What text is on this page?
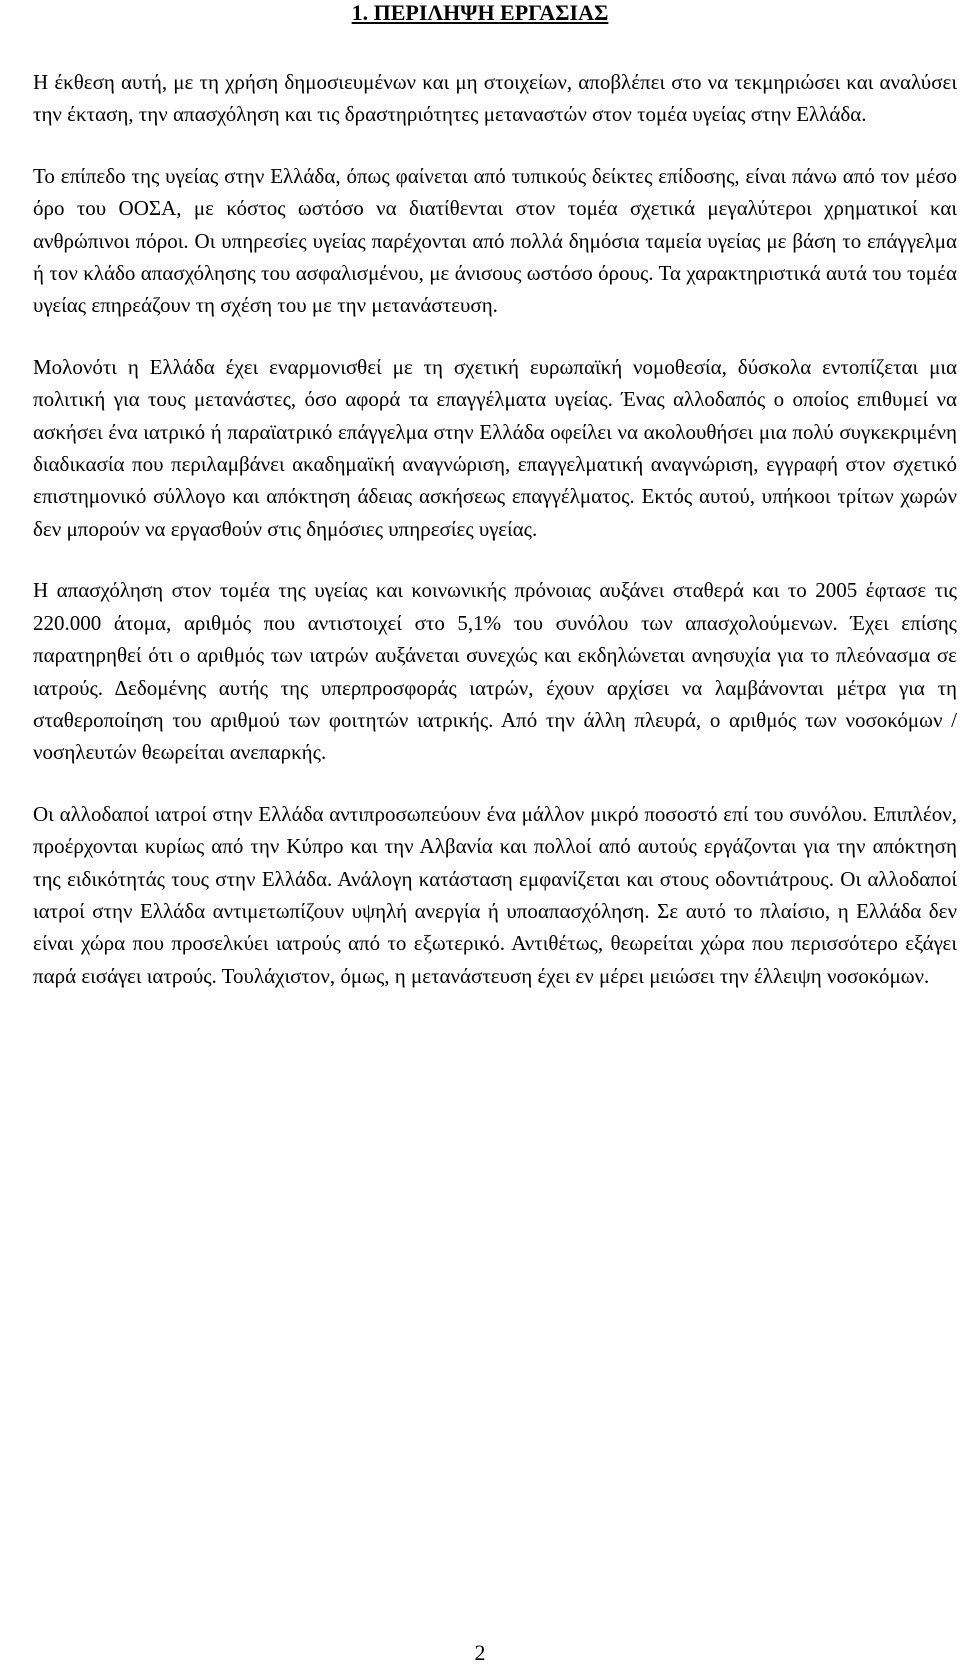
1. ΠΕΡΙΛΗΨΗ ΕΡΓΑΣΙΑΣ

Η έκθεση αυτή, με τη χρήση δημοσιευμένων και μη στοιχείων, αποβλέπει στο να τεκμηριώσει και αναλύσει την έκταση, την απασχόληση και τις δραστηριότητες μεταναστών στον τομέα υγείας στην Ελλάδα.

Το επίπεδο της υγείας στην Ελλάδα, όπως φαίνεται από τυπικούς δείκτες επίδοσης, είναι πάνω από τον μέσο όρο του ΟΟΣΑ, με κόστος ωστόσο να διατίθενται στον τομέα σχετικά μεγαλύτεροι χρηματικοί και ανθρώπινοι πόροι. Οι υπηρεσίες υγείας παρέχονται από πολλά δημόσια ταμεία υγείας με βάση το επάγγελμα ή τον κλάδο απασχόλησης του ασφαλισμένου, με άνισους ωστόσο όρους. Τα χαρακτηριστικά αυτά του τομέα υγείας επηρεάζουν τη σχέση του με την μετανάστευση.

Μολονότι η Ελλάδα έχει εναρμονισθεί με τη σχετική ευρωπαϊκή νομοθεσία, δύσκολα εντοπίζεται μια πολιτική για τους μετανάστες, όσο αφορά τα επαγγέλματα υγείας. Ένας αλλοδαπός ο οποίος επιθυμεί να ασκήσει ένα ιατρικό ή παραϊατρικό επάγγελμα στην Ελλάδα οφείλει να ακολουθήσει μια πολύ συγκεκριμένη διαδικασία που περιλαμβάνει ακαδημαϊκή αναγνώριση, επαγγελματική αναγνώριση, εγγραφή στον σχετικό επιστημονικό σύλλογο και απόκτηση άδειας ασκήσεως επαγγέλματος. Εκτός αυτού, υπήκοοι τρίτων χωρών δεν μπορούν να εργασθούν στις δημόσιες υπηρεσίες υγείας.

Η απασχόληση στον τομέα της υγείας και κοινωνικής πρόνοιας αυξάνει σταθερά και το 2005 έφτασε τις 220.000 άτομα, αριθμός που αντιστοιχεί στο 5,1% του συνόλου των απασχολούμενων. Έχει επίσης παρατηρηθεί ότι ο αριθμός των ιατρών αυξάνεται συνεχώς και εκδηλώνεται ανησυχία για το πλεόνασμα σε ιατρούς. Δεδομένης αυτής της υπερπροσφοράς ιατρών, έχουν αρχίσει να λαμβάνονται μέτρα για τη σταθεροποίηση του αριθμού των φοιτητών ιατρικής. Από την άλλη πλευρά, ο αριθμός των νοσοκόμων / νοσηλευτών θεωρείται ανεπαρκής.

Οι αλλοδαποί ιατροί στην Ελλάδα αντιπροσωπεύουν ένα μάλλον μικρό ποσοστό επί του συνόλου. Επιπλέον, προέρχονται κυρίως από την Κύπρο και την Αλβανία και πολλοί από αυτούς εργάζονται για την απόκτηση της ειδικότητάς τους στην Ελλάδα. Ανάλογη κατάσταση εμφανίζεται και στους οδοντιάτρους. Οι αλλοδαποί ιατροί στην Ελλάδα αντιμετωπίζουν υψηλή ανεργία ή υποαπασχόληση. Σε αυτό το πλαίσιο, η Ελλάδα δεν είναι χώρα που προσελκύει ιατρούς από το εξωτερικό. Αντιθέτως, θεωρείται χώρα που περισσότερο εξάγει παρά εισάγει ιατρούς. Τουλάχιστον, όμως, η μετανάστευση έχει εν μέρει μειώσει την έλλειψη νοσοκόμων.

2
